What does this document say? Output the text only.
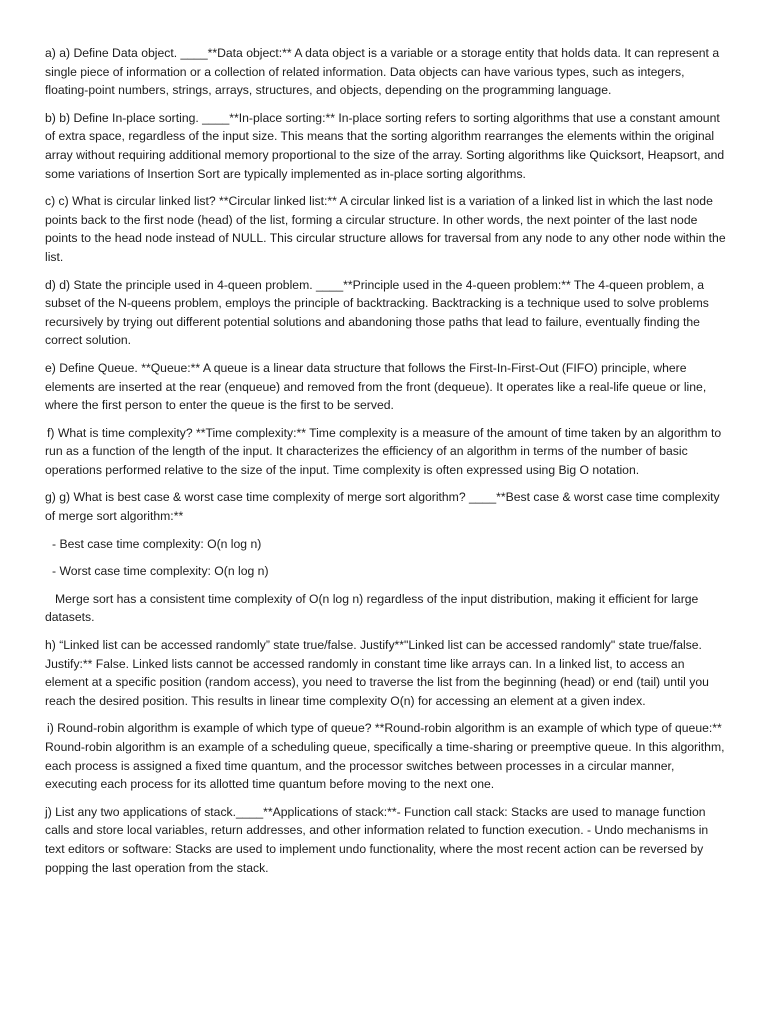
a) a) Define Data object. ____**Data object:** A data object is a variable or a storage entity that holds data. It can represent a single piece of information or a collection of related information. Data objects can have various types, such as integers, floating-point numbers, strings, arrays, structures, and objects, depending on the programming language.

b) b) Define In-place sorting. ____**In-place sorting:** In-place sorting refers to sorting algorithms that use a constant amount of extra space, regardless of the input size. This means that the sorting algorithm rearranges the elements within the original array without requiring additional memory proportional to the size of the array. Sorting algorithms like Quicksort, Heapsort, and some variations of Insertion Sort are typically implemented as in-place sorting algorithms.

c) c) What is circular linked list? **Circular linked list:** A circular linked list is a variation of a linked list in which the last node points back to the first node (head) of the list, forming a circular structure. In other words, the next pointer of the last node points to the head node instead of NULL. This circular structure allows for traversal from any node to any other node within the list.

d) d) State the principle used in 4-queen problem. ____**Principle used in the 4-queen problem:** The 4-queen problem, a subset of the N-queens problem, employs the principle of backtracking. Backtracking is a technique used to solve problems recursively by trying out different potential solutions and abandoning those paths that lead to failure, eventually finding the correct solution.

e) Define Queue. **Queue:** A queue is a linear data structure that follows the First-In-First-Out (FIFO) principle, where elements are inserted at the rear (enqueue) and removed from the front (dequeue). It operates like a real-life queue or line, where the first person to enter the queue is the first to be served.

f) What is time complexity? **Time complexity:** Time complexity is a measure of the amount of time taken by an algorithm to run as a function of the length of the input. It characterizes the efficiency of an algorithm in terms of the number of basic operations performed relative to the size of the input. Time complexity is often expressed using Big O notation.

g) g) What is best case & worst case time complexity of merge sort algorithm? ____**Best case & worst case time complexity of merge sort algorithm:**

- Best case time complexity: O(n log n)

- Worst case time complexity: O(n log n)

Merge sort has a consistent time complexity of O(n log n) regardless of the input distribution, making it efficient for large datasets.

h) “Linked list can be accessed randomly” state true/false. Justify**"Linked list can be accessed randomly" state true/false. Justify:** False. Linked lists cannot be accessed randomly in constant time like arrays can. In a linked list, to access an element at a specific position (random access), you need to traverse the list from the beginning (head) or end (tail) until you reach the desired position. This results in linear time complexity O(n) for accessing an element at a given index.

i) Round-robin algorithm is example of which type of queue? **Round-robin algorithm is an example of which type of queue:** Round-robin algorithm is an example of a scheduling queue, specifically a time-sharing or preemptive queue. In this algorithm, each process is assigned a fixed time quantum, and the processor switches between processes in a circular manner, executing each process for its allotted time quantum before moving to the next one.

j) List any two applications of stack.____**Applications of stack:**- Function call stack: Stacks are used to manage function calls and store local variables, return addresses, and other information related to function execution. - Undo mechanisms in text editors or software: Stacks are used to implement undo functionality, where the most recent action can be reversed by popping the last operation from the stack.
